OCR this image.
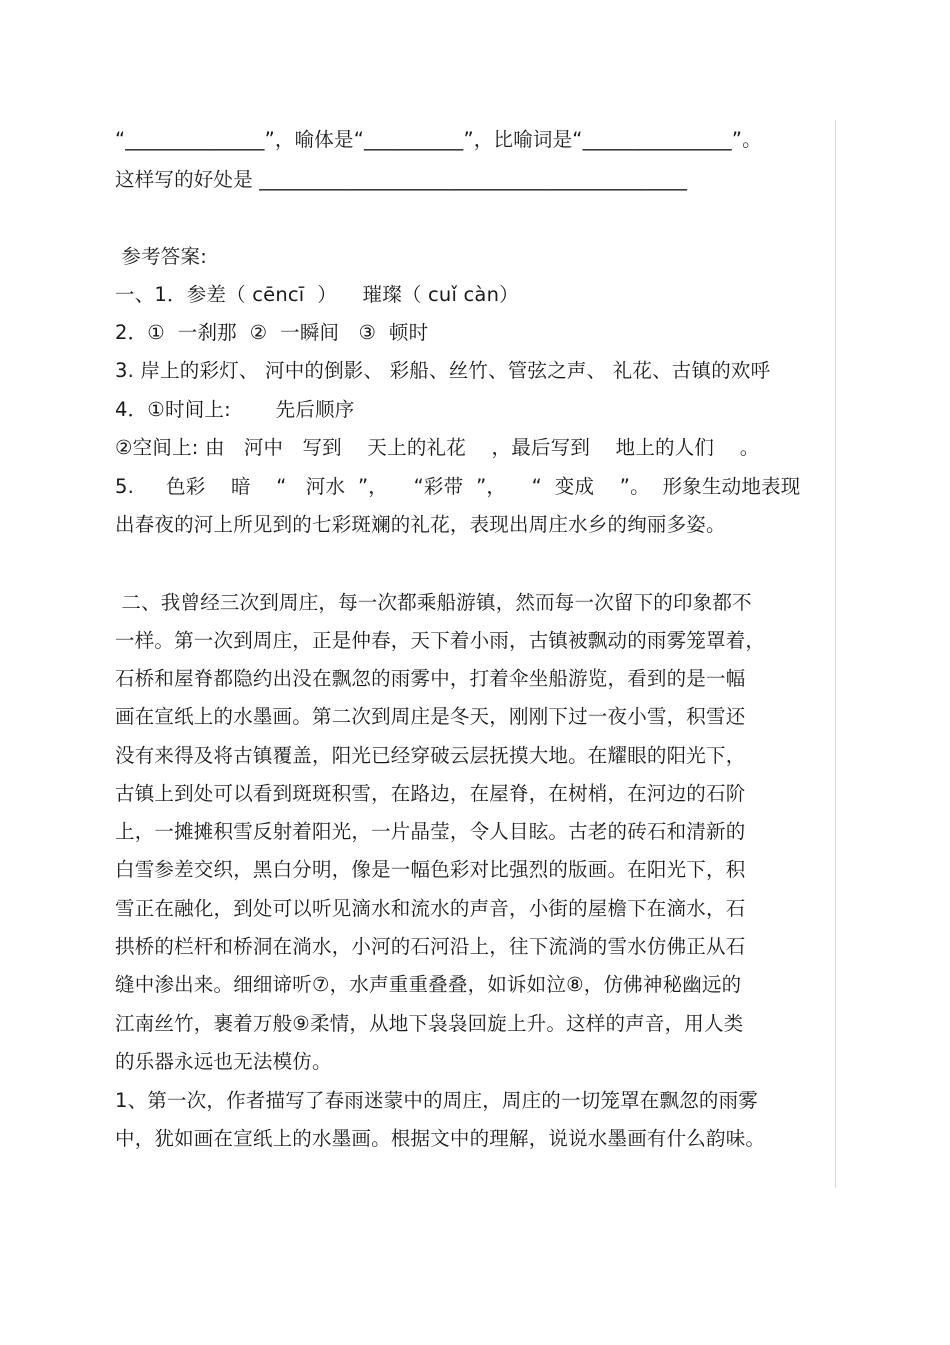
“______________”，喻体是“__________”，比喻词是“_______________”。
这样写的好处是 ___________________________________________
参考答案:
一、1．参差（ cēncī  ）    璀璨（ cuǐ càn）
2．①  一刹那  ②  一瞬间   ③  顿时
3. 岸上的彩灯、 河中的倒影、 彩船、丝竹、管弦之声、 礼花、古镇的欢呼
4．①时间上:       先后顺序
②空间上: 由   河中   写到    天上的礼花    ，最后写到    地上的人们    。
5.     色彩    暗    “   河水  ”，    “彩带  ”，    “  变成    ”。  形象生动地表现
出春夜的河上所见到的七彩斑斓的礼花，表现出周庄水乡的绚丽多姿。
二、我曾经三次到周庄，每一次都乘船游镇，然而每一次留下的印象都不
一样。第一次到周庄，正是仲春，天下着小雨，古镇被飘动的雨雾笼罩着，
石桥和屋脊都隐约出没在飘忽的雨雾中，打着伞坐船游览，看到的是一幅
画在宣纸上的水墨画。第二次到周庄是冬天，刚刚下过一夜小雪，积雪还
没有来得及将古镇覆盖，阳光已经穿破云层抚摸大地。在耀眼的阳光下，
古镇上到处可以看到斑斑积雪，在路边，在屋脊，在树梢，在河边的石阶
上，一摊摊积雪反射着阳光，一片晶莹，令人目眩。古老的砖石和清新的
白雪参差交织，黑白分明，像是一幅色彩对比强烈的版画。在阳光下，积
雪正在融化，到处可以听见滴水和流水的声音，小街的屋檐下在滴水，石
拱桥的栏杆和桥洞在淌水，小河的石河沿上，往下流淌的雪水仿佛正从石
缝中渗出来。细细谛听⑦，水声重重叠叠，如诉如泣⑧，仿佛神秘幽远的
江南丝竹，裹着万般⑨柔情，从地下袅袅回旋上升。这样的声音，用人类
的乐器永远也无法模仿。
1、第一次，作者描写了春雨迷蒙中的周庄，周庄的一切笼罩在飘忽的雨雾
中，犹如画在宣纸上的水墨画。根据文中的理解，说说水墨画有什么韵味。
